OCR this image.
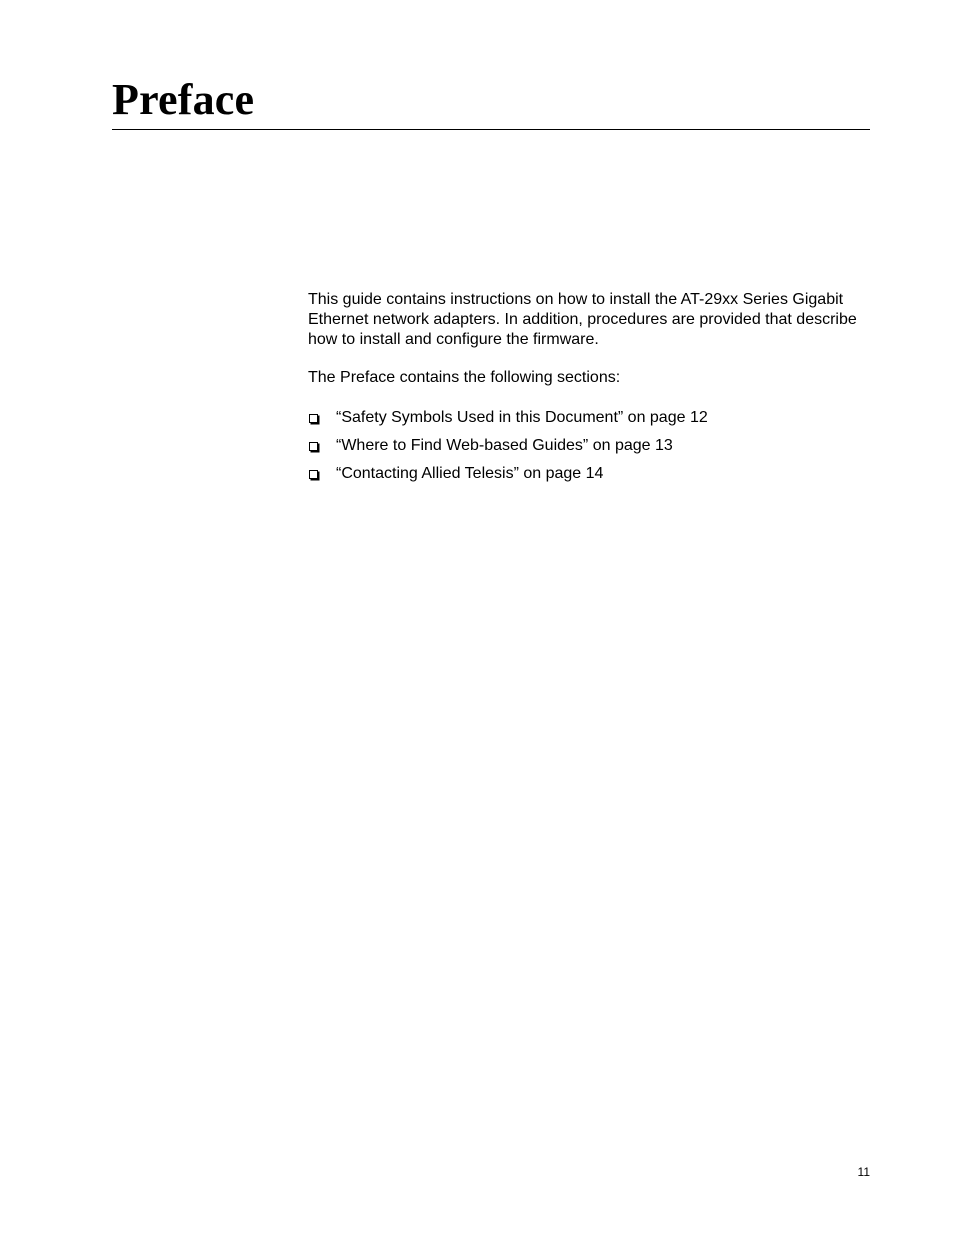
Preface

This guide contains instructions on how to install the AT-29xx Series Gigabit Ethernet network adapters. In addition, procedures are provided that describe how to install and configure the firmware.

The Preface contains the following sections:

“Safety Symbols Used in this Document” on page 12
“Where to Find Web-based Guides” on page 13
“Contacting Allied Telesis” on page 14
11
